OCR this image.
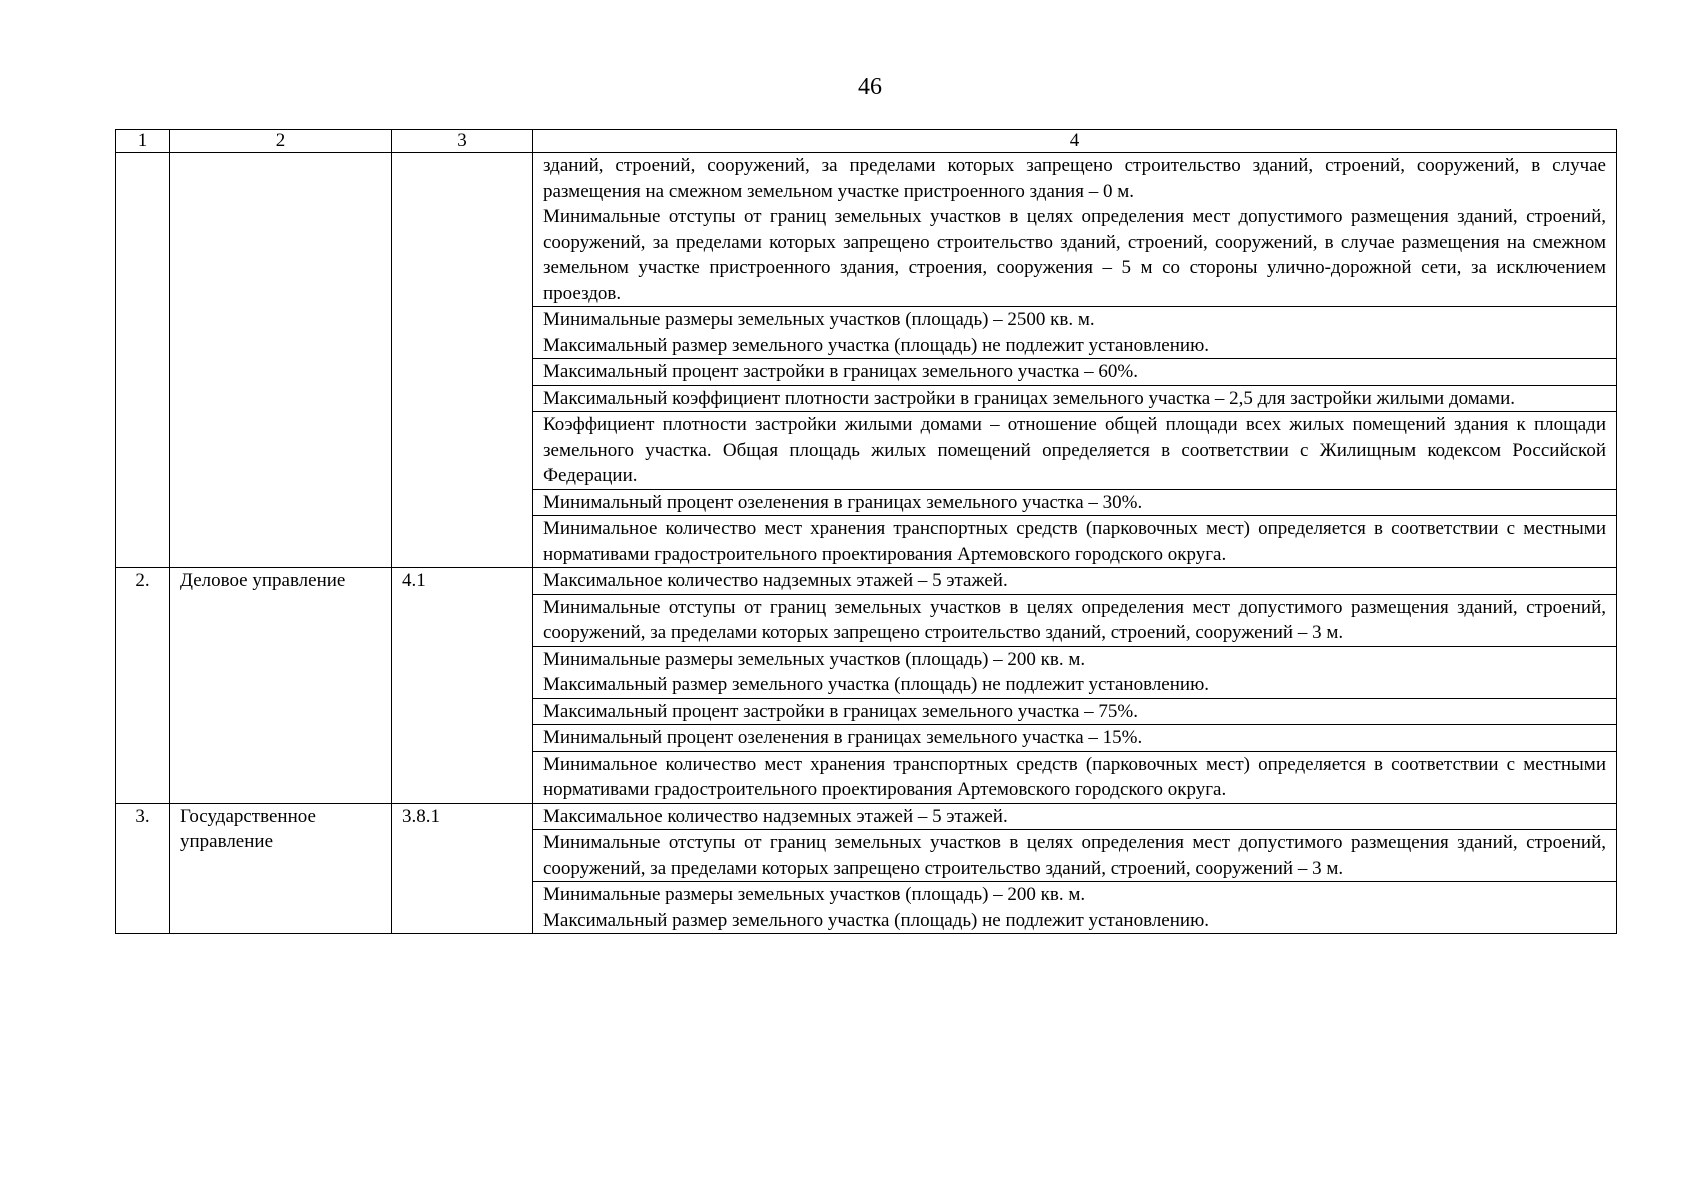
46
1	2	3	4

			зданий, строений, сооружений, за пределами которых запрещено строительство зданий, строений, сооружений, в случае размещения на смежном земельном участке пристроенного здания – 0 м.
Минимальные отступы от границ земельных участков в целях определения мест допустимого размещения зданий, строений, сооружений, за пределами которых запрещено строительство зданий, строений, сооружений, в случае размещения на смежном земельном участке пристроенного здания, строения, сооружения – 5 м со стороны улично-дорожной сети, за исключением проездов.

			Минимальные размеры земельных участков (площадь) – 2500 кв. м.
Максимальный размер земельного участка (площадь) не подлежит установлению.

			Максимальный процент застройки в границах земельного участка – 60%.

			Максимальный коэффициент плотности застройки в границах земельного участка – 2,5 для застройки жилыми домами.

			Коэффициент плотности застройки жилыми домами – отношение общей площади всех жилых помещений здания к площади земельного участка. Общая площадь жилых помещений определяется в соответствии с Жилищным кодексом Российской Федерации.

			Минимальный процент озеленения в границах земельного участка – 30%.

			Минимальное количество мест хранения транспортных средств (парковочных мест) определяется в соответствии с местными нормативами градостроительного проектирования Артемовского городского округа.

2.	Деловое управление	4.1	Максимальное количество надземных этажей – 5 этажей.

			Минимальные отступы от границ земельных участков в целях определения мест допустимого размещения зданий, строений, сооружений, за пределами которых запрещено строительство зданий, строений, сооружений – 3 м.

			Минимальные размеры земельных участков (площадь) – 200 кв. м.
Максимальный размер земельного участка (площадь) не подлежит установлению.

			Максимальный процент застройки в границах земельного участка – 75%.

			Минимальный процент озеленения в границах земельного участка – 15%.

			Минимальное количество мест хранения транспортных средств (парковочных мест) определяется в соответствии с местными нормативами градостроительного проектирования Артемовского городского округа.

3.	Государственное управление	3.8.1	Максимальное количество надземных этажей – 5 этажей.

			Минимальные отступы от границ земельных участков в целях определения мест допустимого размещения зданий, строений, сооружений, за пределами которых запрещено строительство зданий, строений, сооружений – 3 м.

			Минимальные размеры земельных участков (площадь) – 200 кв. м.
Максимальный размер земельного участка (площадь) не подлежит установлению.
